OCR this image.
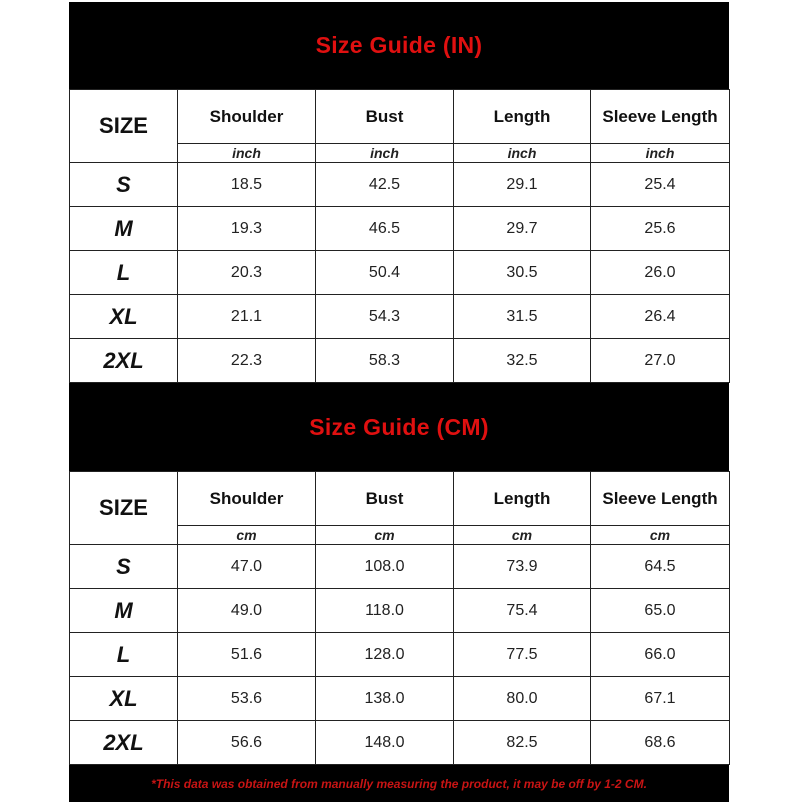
Size Guide (IN)
SIZE	Shoulder	Bust	Length	Sleeve Length
	inch	inch	inch	inch
S	18.5	42.5	29.1	25.4
M	19.3	46.5	29.7	25.6
L	20.3	50.4	30.5	26.0
XL	21.1	54.3	31.5	26.4
2XL	22.3	58.3	32.5	27.0
Size Guide (CM)
SIZE	Shoulder	Bust	Length	Sleeve Length
	cm	cm	cm	cm
S	47.0	108.0	73.9	64.5
M	49.0	118.0	75.4	65.0
L	51.6	128.0	77.5	66.0
XL	53.6	138.0	80.0	67.1
2XL	56.6	148.0	82.5	68.6
*This data was obtained from manually measuring the product, it may be off by 1-2 CM.
